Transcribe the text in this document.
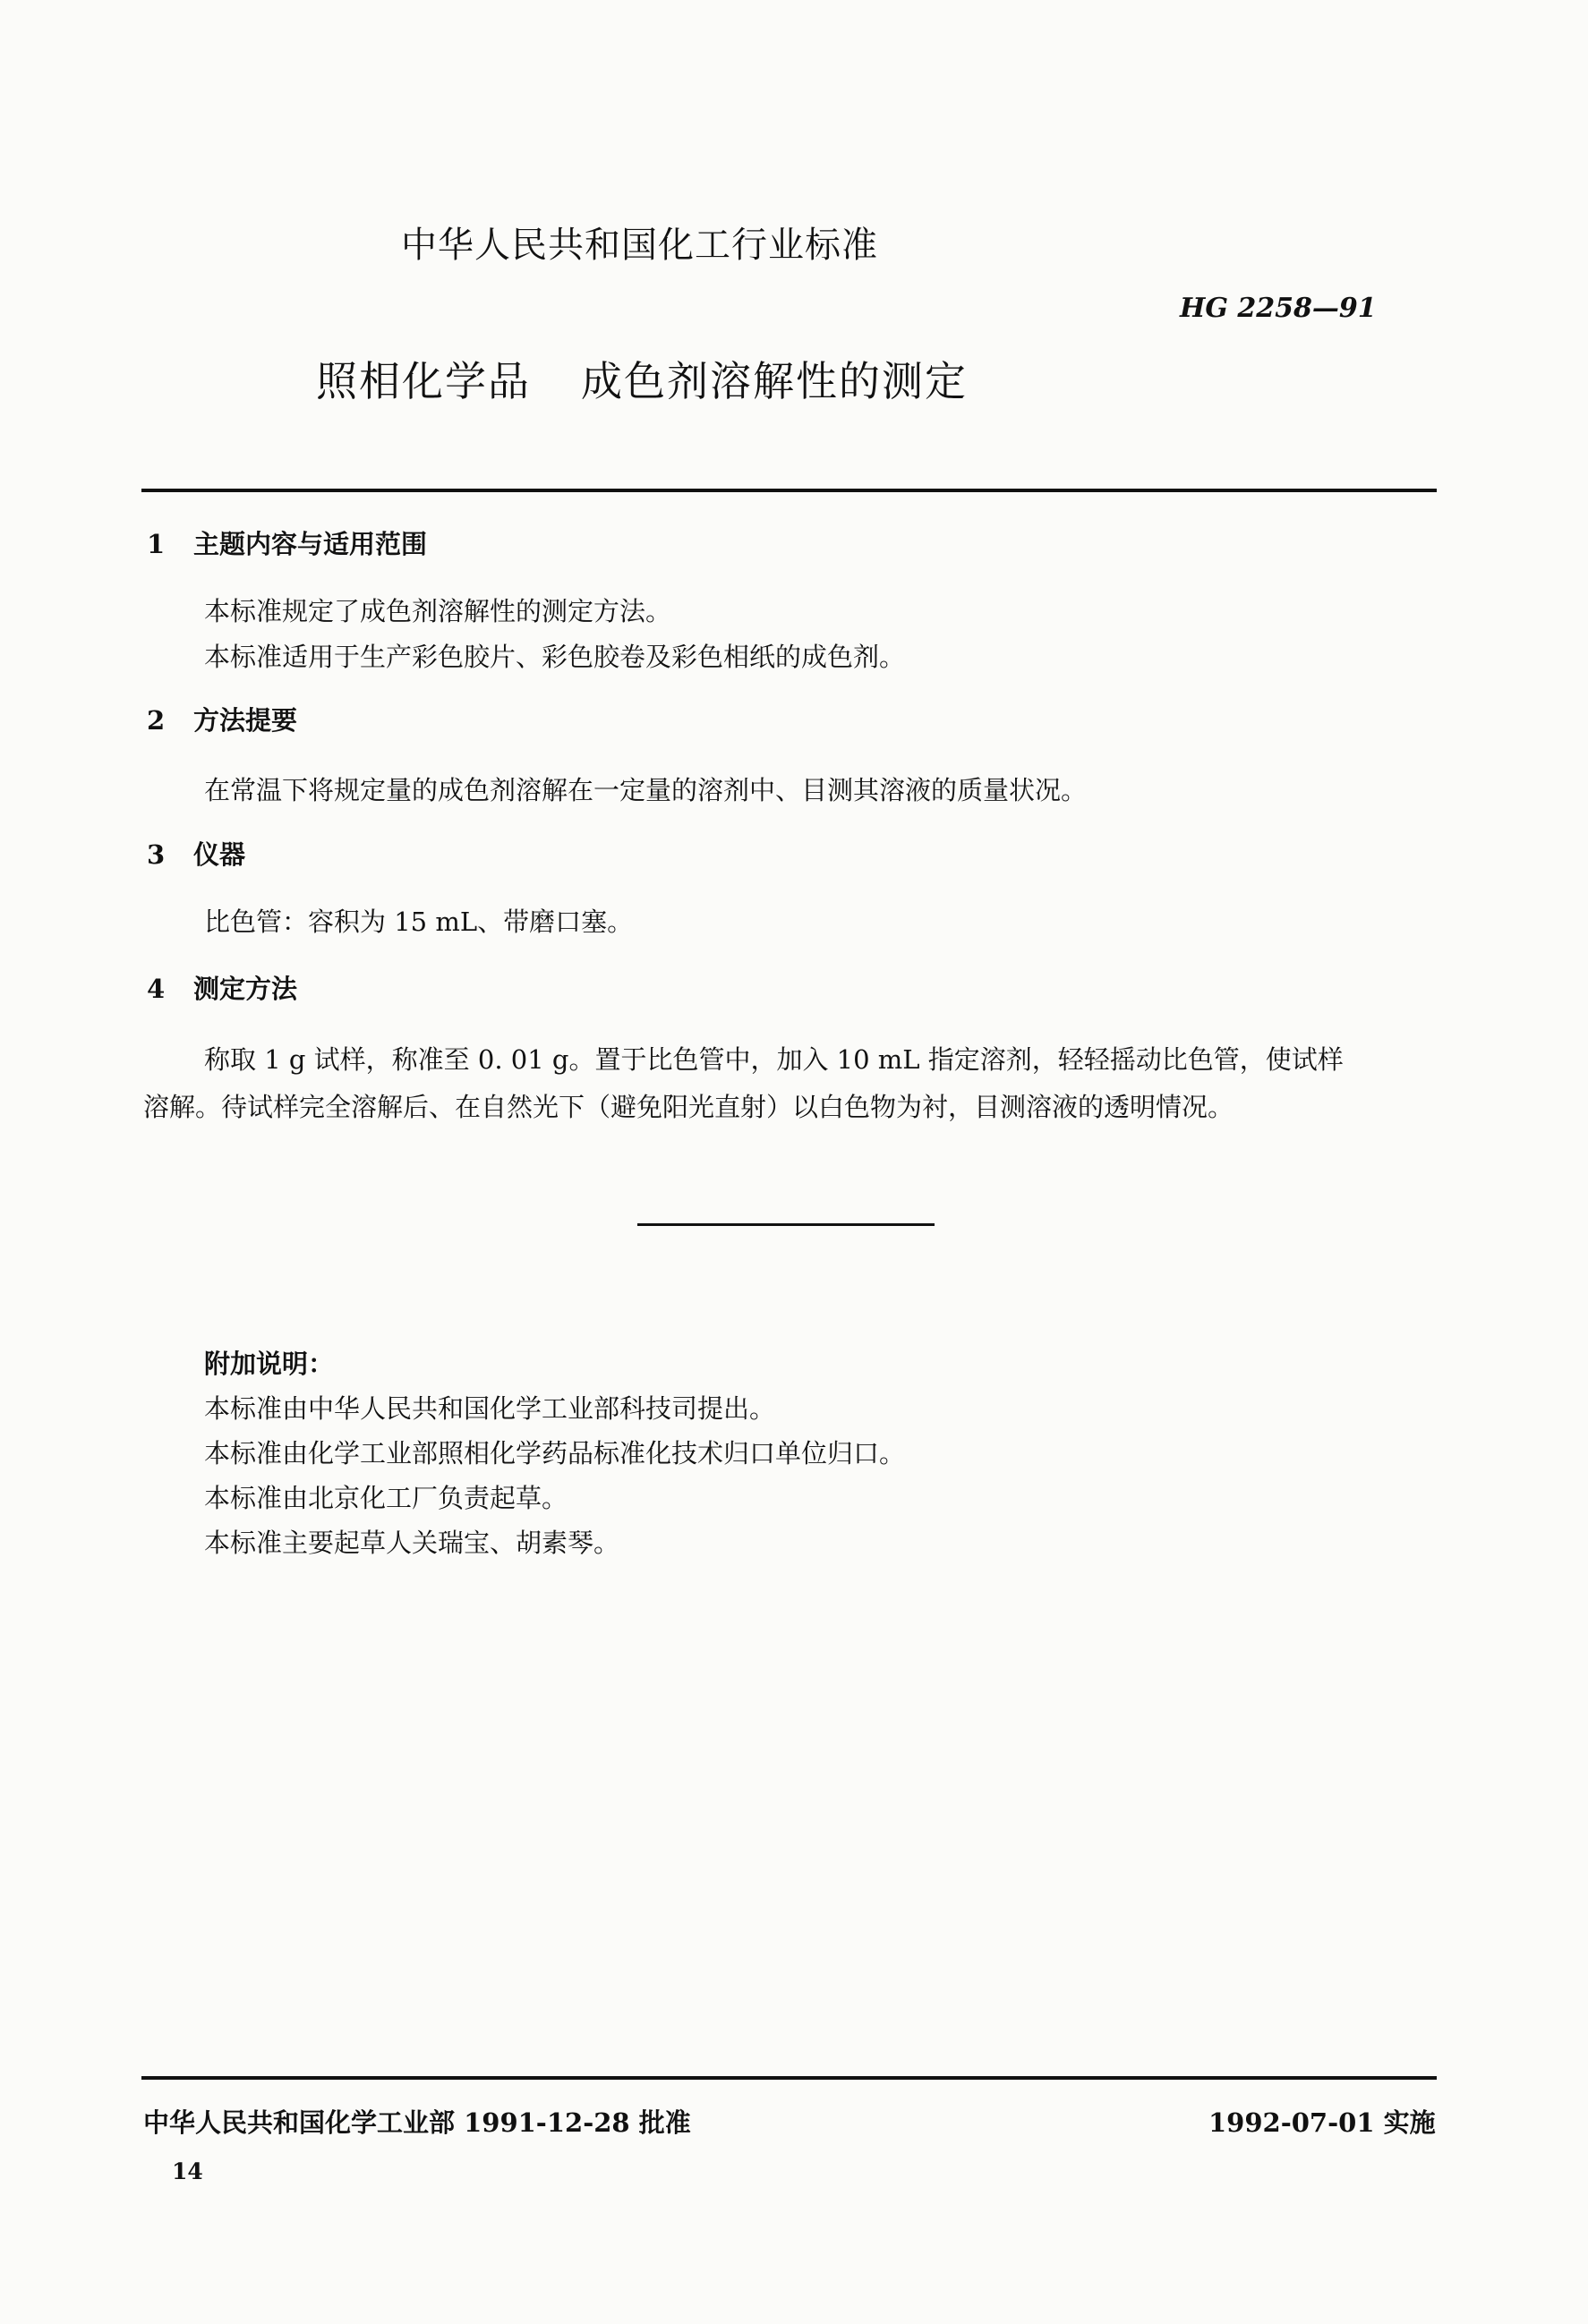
中华人民共和国化工行业标准
HG 2258—91
照相化学品 成色剂溶解性的测定
1 主题内容与适用范围
本标准规定了成色剂溶解性的测定方法。
本标准适用于生产彩色胶片、彩色胶卷及彩色相纸的成色剂。
2 方法提要
在常温下将规定量的成色剂溶解在一定量的溶剂中、目测其溶液的质量状况。
3 仪器
比色管：容积为 15 mL、带磨口塞。
4 测定方法
称取 1 g 试样，称准至 0. 01 g。置于比色管中，加入 10 mL 指定溶剂，轻轻摇动比色管，使试样
溶解。待试样完全溶解后、在自然光下（避免阳光直射）以白色物为衬，目测溶液的透明情况。
附加说明：
本标准由中华人民共和国化学工业部科技司提出。
本标准由化学工业部照相化学药品标准化技术归口单位归口。
本标准由北京化工厂负责起草。
本标准主要起草人关瑞宝、胡素琴。
中华人民共和国化学工业部 1991-12-28 批准	1992-07-01 实施
14
